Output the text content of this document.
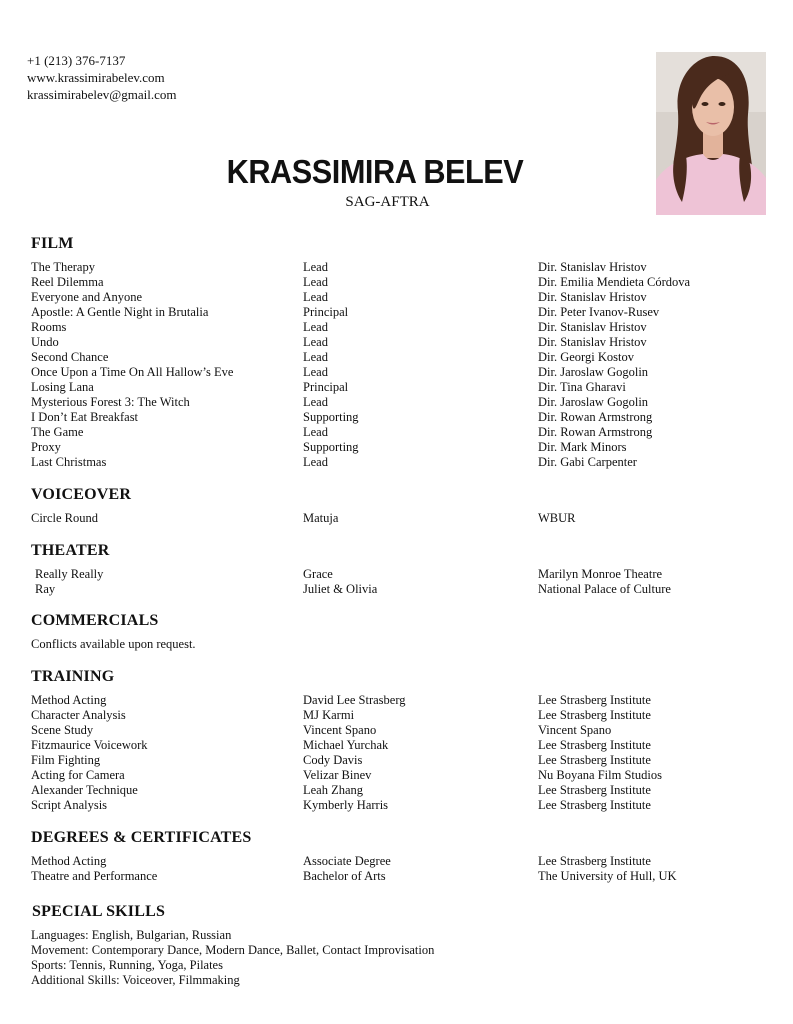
+1 (213) 376-7137
www.krassimirabelev.com
krassimirabelev@gmail.com
KRASSIMIRA BELEV
SAG-AFTRA
FILM
The Therapy	Lead	Dir. Stanislav Hristov
Reel Dilemma	Lead	Dir. Emilia Mendieta Córdova
Everyone and Anyone	Lead	Dir. Stanislav Hristov
Apostle: A Gentle Night in Brutalia	Principal	Dir. Peter Ivanov-Rusev
Rooms	Lead	Dir. Stanislav Hristov
Undo	Lead	Dir. Stanislav Hristov
Second Chance	Lead	Dir. Georgi Kostov
Once Upon a Time On All Hallow’s Eve	Lead	Dir. Jaroslaw Gogolin
Losing Lana	Principal	Dir. Tina Gharavi
Mysterious Forest 3: The Witch	Lead	Dir. Jaroslaw Gogolin
I Don’t Eat Breakfast	Supporting	Dir. Rowan Armstrong
The Game	Lead	Dir. Rowan Armstrong
Proxy	Supporting	Dir. Mark Minors
Last Christmas	Lead	Dir. Gabi Carpenter
VOICEOVER
Circle Round	Matuja	WBUR
THEATER
Really Really	Grace	Marilyn Monroe Theatre
Ray	Juliet & Olivia	National Palace of Culture
COMMERCIALS
Conflicts available upon request.
TRAINING
Method Acting	David Lee Strasberg	Lee Strasberg Institute
Character Analysis	MJ Karmi	Lee Strasberg Institute
Scene Study	Vincent Spano	Vincent Spano
Fitzmaurice Voicework	Michael Yurchak	Lee Strasberg Institute
Film Fighting	Cody Davis	Lee Strasberg Institute
Acting for Camera	Velizar Binev	Nu Boyana Film Studios
Alexander Technique	Leah Zhang	Lee Strasberg Institute
Script Analysis	Kymberly Harris	Lee Strasberg Institute
DEGREES & CERTIFICATES
Method Acting	Associate Degree	Lee Strasberg Institute
Theatre and Performance	Bachelor of Arts	The University of Hull, UK
SPECIAL SKILLS
Languages: English, Bulgarian, Russian
Movement: Contemporary Dance, Modern Dance, Ballet, Contact Improvisation
Sports: Tennis, Running, Yoga, Pilates
Additional Skills: Voiceover, Filmmaking
